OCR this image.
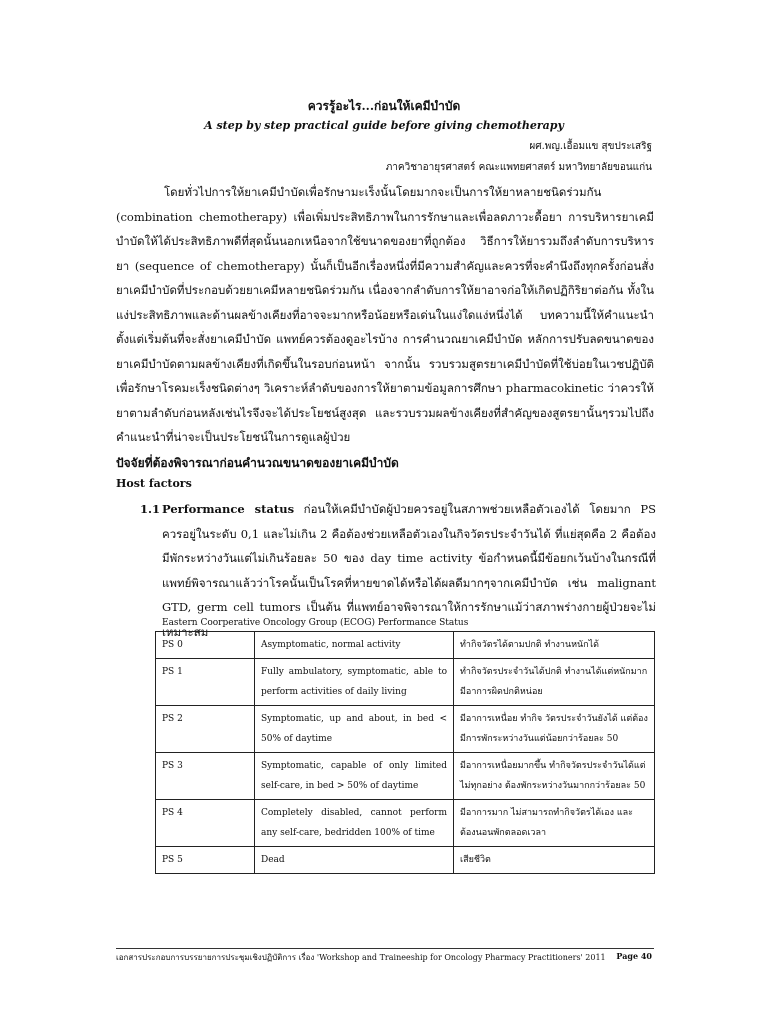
ควรรู้อะไร...ก่อนให้เคมีบำบัด
A step by step practical guide before giving chemotherapy
ผศ.พญ.เอื้อมแข สุขประเสริฐ
ภาควิชาอายุรศาสตร์ คณะแพทยศาสตร์ มหาวิทยาลัยขอนแก่น

โดยทั่วไปการให้ยาเคมีบำบัดเพื่อรักษามะเร็งนั้นโดยมากจะเป็นการให้ยาหลายชนิดร่วมกัน (combination chemotherapy) เพื่อเพิ่มประสิทธิภาพในการรักษาและเพื่อลดภาวะดื้อยา การบริหารยาเคมีบำบัดให้ได้ประสิทธิภาพดีที่สุดนั้นนอกเหนือจากใช้ขนาดของยาที่ถูกต้อง วิธีการให้ยารวมถึงลำดับการบริหารยา (sequence of chemotherapy) นั้นก็เป็นอีกเรื่องหนึ่งที่มีความสำคัญและควรที่จะคำนึงถึงทุกครั้งก่อนสั่งยาเคมีบำบัดที่ประกอบด้วยยาเคมีหลายชนิดร่วมกัน เนื่องจากลำดับการให้ยาอาจก่อให้เกิดปฏิกิริยาต่อกัน ทั้งในแง่ประสิทธิภาพและด้านผลข้างเคียงที่อาจจะมากหรือน้อยหรือเด่นในแง่ใดแง่หนึ่งได้ บทความนี้ให้คำแนะนำตั้งแต่เริ่มต้นที่จะสั่งยาเคมีบำบัด แพทย์ควรต้องดูอะไรบ้าง การคำนวณยาเคมีบำบัด หลักการปรับลดขนาดของยาเคมีบำบัดตามผลข้างเคียงที่เกิดขึ้นในรอบก่อนหน้า จากนั้น รวบรวมสูตรยาเคมีบำบัดที่ใช้บ่อยในเวชปฏิบัติเพื่อรักษาโรคมะเร็งชนิดต่างๆ วิเคราะห์ลำดับของการให้ยาตามข้อมูลการศึกษา pharmacokinetic ว่าควรให้ยาตามลำดับก่อนหลังเช่นไรจึงจะได้ประโยชน์สูงสุด และรวบรวมผลข้างเคียงที่สำคัญของสูตรยานั้นๆรวมไปถึงคำแนะนำที่น่าจะเป็นประโยชน์ในการดูแลผู้ป่วย

ปัจจัยที่ต้องพิจารณาก่อนคำนวณขนาดของยาเคมีบำบัด
Host factors
1.1 Performance status ก่อนให้เคมีบำบัดผู้ป่วยควรอยู่ในสภาพช่วยเหลือตัวเองได้ โดยมาก PS ควรอยู่ในระดับ 0,1 และไม่เกิน 2 คือต้องช่วยเหลือตัวเองในกิจวัตรประจำวันได้ ที่แย่สุดคือ 2 คือต้องมีพักระหว่างวันแต่ไม่เกินร้อยละ 50 ของ day time activity ข้อกำหนดนี้มีข้อยกเว้นบ้างในกรณีที่แพทย์พิจารณาแล้วว่าโรคนั้นเป็นโรคที่หายขาดได้หรือได้ผลดีมากๆจากเคมีบำบัด เช่น malignant GTD, germ cell tumors เป็นต้น ที่แพทย์อาจพิจารณาให้การรักษาแม้ว่าสภาพร่างกายผู้ป่วยจะไม่เหมาะสม
Eastern Coorperative Oncology Group (ECOG) Performance Status
PS 0	Asymptomatic, normal activity	ทำกิจวัตรได้ตามปกติ ทำงานหนักได้
PS 1	Fully ambulatory, symptomatic, able to perform activities of daily living	ทำกิจวัตรประจำวันได้ปกติ ทำงานได้แต่หนักมาก มีอาการผิดปกติหน่อย
PS 2	Symptomatic, up and about, in bed < 50% of daytime	มีอาการเหนื่อย ทำกิจ วัตรประจำวันยังได้ แต่ต้องมีการพักระหว่างวันแต่น้อยกว่าร้อยละ 50
PS 3	Symptomatic, capable of only limited self-care, in bed > 50% of daytime	มีอาการเหนื่อยมากขึ้น ทำกิจวัตรประจำวันได้แต่ไม่ทุกอย่าง ต้องพักระหว่างวันมากกว่าร้อยละ 50
PS 4	Completely disabled, cannot perform any self-care, bedridden 100% of time	มีอาการมาก ไม่สามารถทำกิจวัตรได้เอง และต้องนอนพักตลอดเวลา
PS 5	Dead	เสียชีวิต
เอกสารประกอบการบรรยายการประชุมเชิงปฏิบัติการ เรื่อง 'Workshop and Traineeship for Oncology Pharmacy Practitioners' 2011 Page 40
